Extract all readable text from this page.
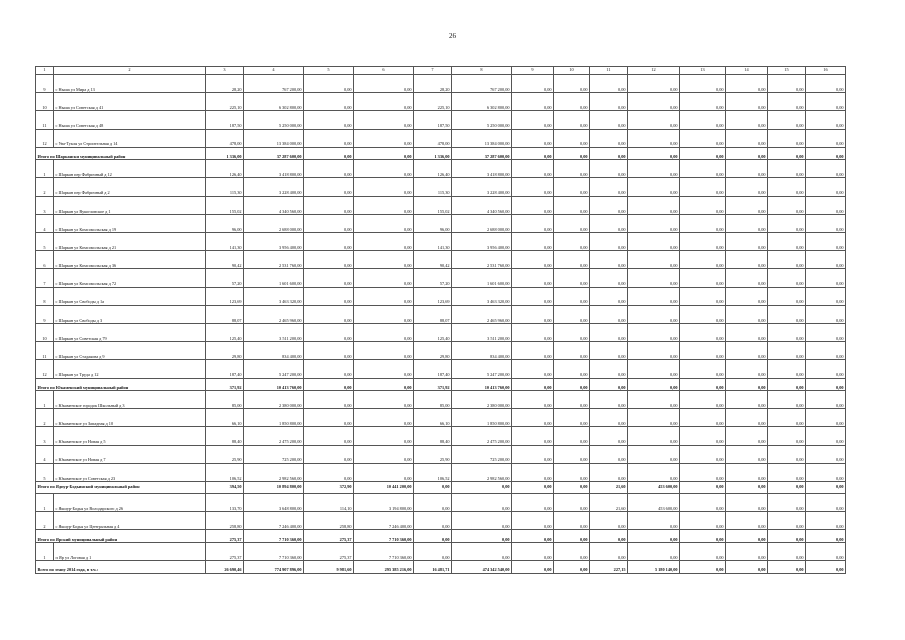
26
1	2	3	4	5	6	7	8	9	10	11	12	13	14	15	16
9	с Ныша ул Мира д 13	28,20	767 200,00	0,00	0,00	28,20	767 200,00	0,00	0,00	0,00	0,00	0,00	0,00	0,00	0,00
10	с Ныша ул Советская д 41	225,10	6 302 800,00	0,00	0,00	225,10	6 302 800,00	0,00	0,00	0,00	0,00	0,00	0,00	0,00	0,00
11	с Ныша ул Советская д 48	187,50	5 250 000,00	0,00	0,00	187,50	5 250 000,00	0,00	0,00	0,00	0,00	0,00	0,00	0,00	0,00
12	с Ува-Тукля ул Строительная д 14	478,00	13 384 000,00	0,00	0,00	478,00	13 384 000,00	0,00	0,00	0,00	0,00	0,00	0,00	0,00	0,00
Итого по Шаркански муниципальный район		1 336,00	37 287 600,00	0,00	0,00	1 336,00	37 287 600,00	0,00	0,00	0,00	0,00	0,00	0,00	0,00	0,00
1	с Шаркан пер Фабричный д 12	126,40	3 418 800,00	0,00	0,00	126,40	3 418 800,00	0,00	0,00	0,00	0,00	0,00	0,00	0,00	0,00
2	с Шаркан пер Фабричный д 2	115,30	3 228 400,00	0,00	0,00	115,30	3 228 400,00	0,00	0,00	0,00	0,00	0,00	0,00	0,00	0,00
3	с Шаркан ул Вукогловское д 1	155,02	4 340 560,00	0,00	0,00	155,02	4 340 560,00	0,00	0,00	0,00	0,00	0,00	0,00	0,00	0,00
4	с Шаркан ул Комсомольская д 19	96,00	2 688 000,00	0,00	0,00	96,00	2 688 000,00	0,00	0,00	0,00	0,00	0,00	0,00	0,00	0,00
5	с Шаркан ул Комсомольская д 21	141,30	3 956 400,00	0,00	0,00	141,30	3 956 400,00	0,00	0,00	0,00	0,00	0,00	0,00	0,00	0,00
6	с Шаркан ул Комсомольская д 36	90,42	2 531 760,00	0,00	0,00	90,42	2 531 760,00	0,00	0,00	0,00	0,00	0,00	0,00	0,00	0,00
7	с Шаркан ул Комсомольская д 72	57,20	1 601 600,00	0,00	0,00	57,20	1 601 600,00	0,00	0,00	0,00	0,00	0,00	0,00	0,00	0,00
8	с Шаркан ул Свободы д 1а	123,69	3 463 320,00	0,00	0,00	123,69	3 463 320,00	0,00	0,00	0,00	0,00	0,00	0,00	0,00	0,00
9	с Шаркан ул Свободы д 3	88,07	2 465 960,00	0,00	0,00	88,07	2 465 960,00	0,00	0,00	0,00	0,00	0,00	0,00	0,00	0,00
10	с Шаркан ул Советская д 79	125,40	3 511 200,00	0,00	0,00	125,40	3 511 200,00	0,00	0,00	0,00	0,00	0,00	0,00	0,00	0,00
11	с Шаркан ул Стадаяова д 9	29,80	834 400,00	0,00	0,00	29,80	834 400,00	0,00	0,00	0,00	0,00	0,00	0,00	0,00	0,00
12	с Шаркан ул Труда д 12	187,40	5 247 200,00	0,00	0,00	187,40	5 247 200,00	0,00	0,00	0,00	0,00	0,00	0,00	0,00	0,00
Итого по Юкаменский муниципальный район		371,92	10 413 760,00	0,00	0,00	371,92	10 413 760,00	0,00	0,00	0,00	0,00	0,00	0,00	0,00	0,00
1	с Юкаменское городок Школьный д 3	85,00	2 380 000,00	0,00	0,00	85,00	2 380 000,00	0,00	0,00	0,00	0,00	0,00	0,00	0,00	0,00
2	с Юкаменское ул Западная д 10	66,10	1 850 800,00	0,00	0,00	66,10	1 850 800,00	0,00	0,00	0,00	0,00	0,00	0,00	0,00	0,00
3	с Юкаменское ул Новая д 5	88,40	2 475 200,00	0,00	0,00	88,40	2 475 200,00	0,00	0,00	0,00	0,00	0,00	0,00	0,00	0,00
4	с Юкаменское ул Новая д 7	25,90	725 200,00	0,00	0,00	25,90	725 200,00	0,00	0,00	0,00	0,00	0,00	0,00	0,00	0,00
5	с Юкаменское ул Советская д 23	106,52	2 982 560,00	0,00	0,00	106,52	2 982 560,00	0,00	0,00	0,00	0,00	0,00	0,00	0,00	0,00
Итого по Ядпур-Бодьинский муниципальный район		394,50	10 894 800,00	372,90	10 441 200,00	0,00	0,00	0,00	0,00	21,60	453 600,00	0,00	0,00	0,00	0,00
1	с Якшур-Бодья ул Володарского д 26	133,70	3 648 800,00	114,10	3 194 800,00	0,00	0,00	0,00	0,00	21,60	453 600,00	0,00	0,00	0,00	0,00
2	с Якшур-Бодья ул Центральная д 4	258,80	7 246 400,00	258,80	7 246 400,00	0,00	0,00	0,00	0,00	0,00	0,00	0,00	0,00	0,00	0,00
Итого по Ярский муниципальный район		275,37	7 710 360,00	275,37	7 710 360,00	0,00	0,00	0,00	0,00	0,00	0,00	0,00	0,00	0,00	0,00
1	п Яр ул Логовая д 1	275,37	7 710 360,00	275,37	7 710 360,00	0,00	0,00	0,00	0,00	0,00	0,00	0,00	0,00	0,00	0,00
Всего по этапу 2014 года, в т.ч.:		26 690,46	774 907 896,00	9 981,60	295 385 216,00	16 481,71	474 342 540,00	0,00	0,00	227,15	5 180 140,00	0,00	0,00	0,00	0,00
